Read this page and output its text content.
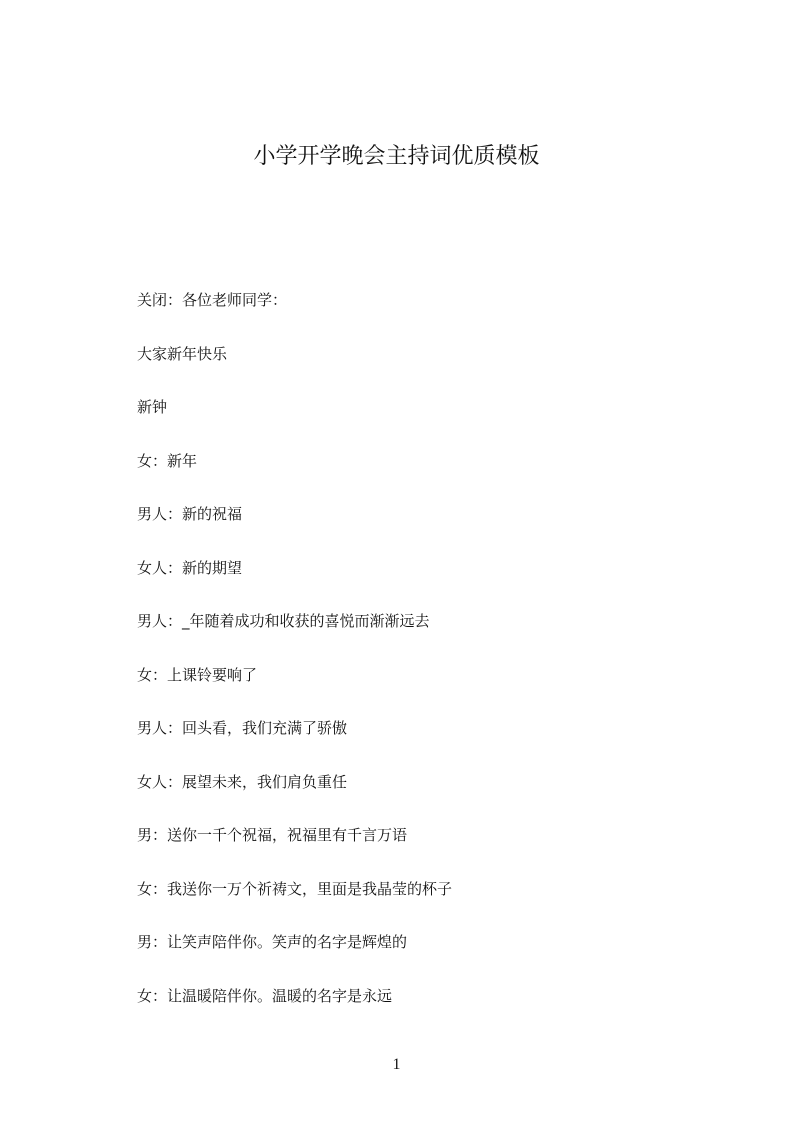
小学开学晚会主持词优质模板
关闭：各位老师同学：
大家新年快乐
新钟
女：新年
男人：新的祝福
女人：新的期望
男人：_年随着成功和收获的喜悦而渐渐远去
女：上课铃要响了
男人：回头看，我们充满了骄傲
女人：展望未来，我们肩负重任
男：送你一千个祝福，祝福里有千言万语
女：我送你一万个祈祷文，里面是我晶莹的杯子
男：让笑声陪伴你。笑声的名字是辉煌的
女：让温暖陪伴你。温暖的名字是永远
1
